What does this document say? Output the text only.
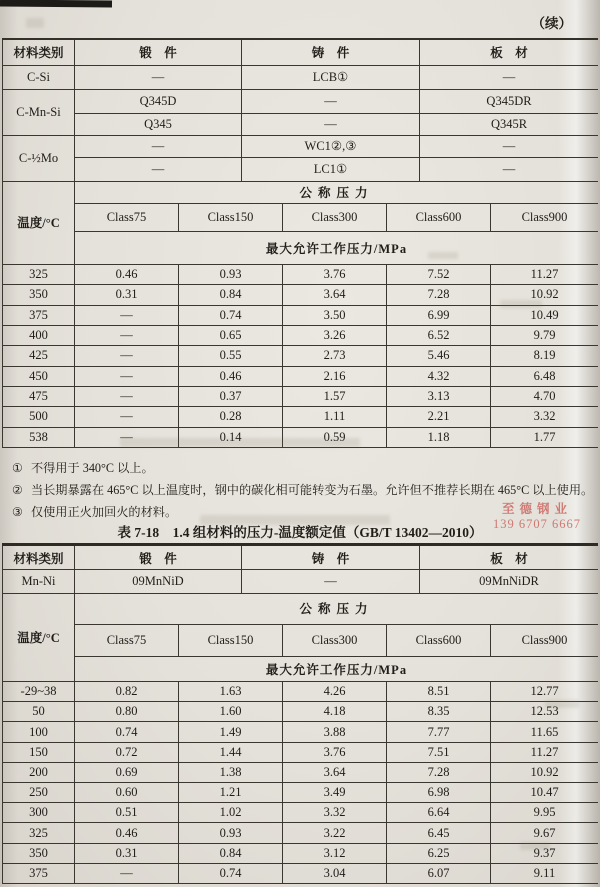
（续）
材料类别	锻　件	铸　件	板　材
C-Si	—	LCB①	—
C-Mn-Si	Q345D	—	Q345DR
	Q345	—	Q345R
C-½Mo	—	WC1②,③	—
	—	LC1①	—
温度/°C	公称压力				
	Class75	Class150	Class300	Class600	Class900
	最大允许工作压力/MPa				
325	0.46	0.93	3.76	7.52	11.27
350	0.31	0.84	3.64	7.28	10.92
375	—	0.74	3.50	6.99	10.49
400	—	0.65	3.26	6.52	9.79
425	—	0.55	2.73	5.46	8.19
450	—	0.46	2.16	4.32	6.48
475	—	0.37	1.57	3.13	4.70
500	—	0.28	1.11	2.21	3.32
538	—	0.14	0.59	1.18	1.77
① 不得用于 340°C 以上。
② 当长期暴露在 465°C 以上温度时，钢中的碳化相可能转变为石墨。允许但不推荐长期在 465°C 以上使用。
③ 仅使用正火加回火的材料。
表 7-18　1.4 组材料的压力-温度额定值（GB/T 13402—2010）
至德钢业
139 6707 6667
材料类别	锻　件	铸　件	板　材
Mn-Ni	09MnNiD	—	09MnNiDR
温度/°C	公称压力				
	Class75	Class150	Class300	Class600	Class900
	最大允许工作压力/MPa				
-29~38	0.82	1.63	4.26	8.51	12.77
50	0.80	1.60	4.18	8.35	12.53
100	0.74	1.49	3.88	7.77	11.65
150	0.72	1.44	3.76	7.51	11.27
200	0.69	1.38	3.64	7.28	10.92
250	0.60	1.21	3.49	6.98	10.47
300	0.51	1.02	3.32	6.64	9.95
325	0.46	0.93	3.22	6.45	9.67
350	0.31	0.84	3.12	6.25	9.37
375	—	0.74	3.04	6.07	9.11
